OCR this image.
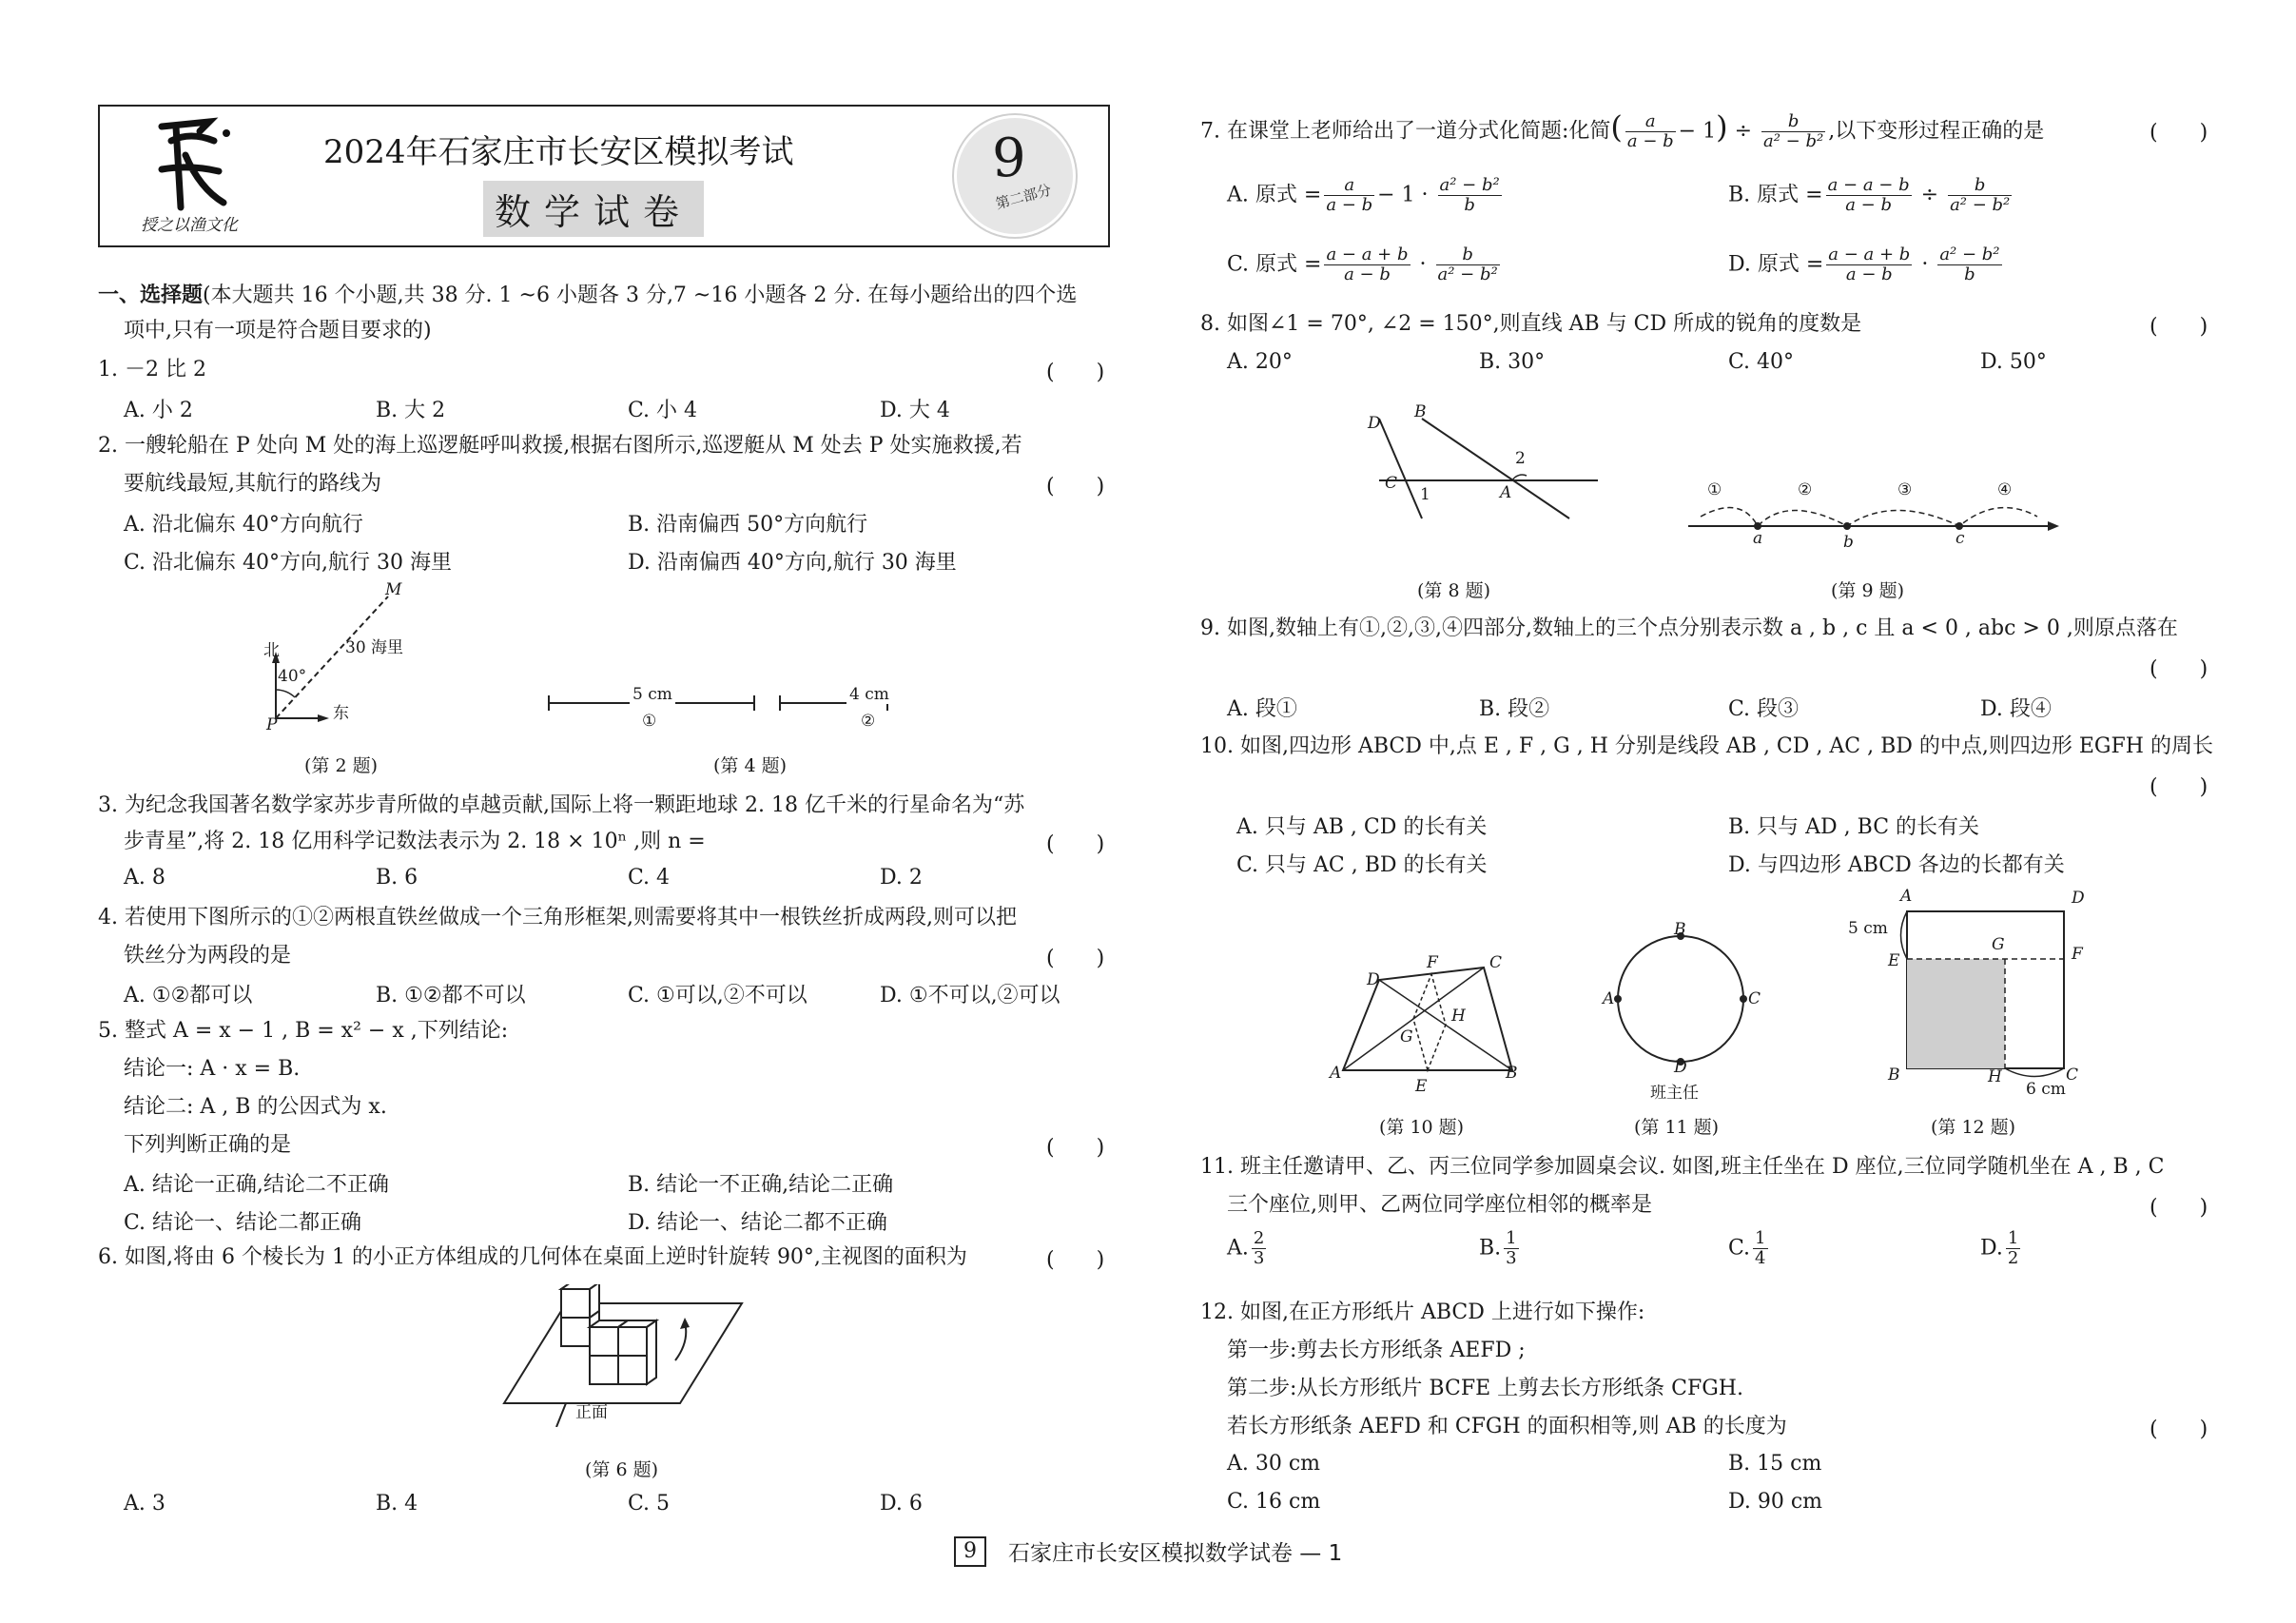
授之以渔文化
2024年石家庄市长安区模拟考试
数学试卷
9
第二部分
一、选择题(本大题共 16 个小题,共 38 分. 1 ~6 小题各 3 分,7 ~16 小题各 2 分. 在每小题给出的四个选
项中,只有一项是符合题目要求的)
1. －2 比 2	(　　)
A. 小 2	B. 大 2	C. 小 4	D. 大 4
2. 一艘轮船在 P 处向 M 处的海上巡逻艇呼叫救援,根据右图所示,巡逻艇从 M 处去 P 处实施救援,若
要航线最短,其航行的路线为	(　　)
A. 沿北偏东 40°方向航行	B. 沿南偏西 50°方向航行
C. 沿北偏东 40°方向,航行 30 海里	D. 沿南偏西 40°方向,航行 30 海里
北
东
30 海里
40°
P
M
(第 2 题)
5 cm	4 cm
①	②
(第 4 题)
3. 为纪念我国著名数学家苏步青所做的卓越贡献,国际上将一颗距地球 2. 18 亿千米的行星命名为“苏
步青星”,将 2. 18 亿用科学记数法表示为 2. 18 × 10ⁿ ,则 n =	(　　)
A. 8	B. 6	C. 4	D. 2
4. 若使用下图所示的①②两根直铁丝做成一个三角形框架,则需要将其中一根铁丝折成两段,则可以把
铁丝分为两段的是	(　　)
A. ①②都可以	B. ①②都不可以	C. ①可以,②不可以	D. ①不可以,②可以
5. 整式 A = x − 1 , B = x² − x ,下列结论:
结论一: A · x = B.
结论二: A , B 的公因式为 x.
下列判断正确的是	(　　)
A. 结论一正确,结论二不正确	B. 结论一不正确,结论二正确
C. 结论一、结论二都正确	D. 结论一、结论二都不正确
6. 如图,将由 6 个棱长为 1 的小正方体组成的几何体在桌面上逆时针旋转 90°,主视图的面积为	(　　)
正面
(第 6 题)
A. 3	B. 4	C. 5	D. 6
7. 在课堂上老师给出了一道分式化简题:化简( $\frac{a}{a - b} - 1) \div \frac{b}{\text{a² − b²}}$ ,以下变形过程正确的是	(　　)
A. 原式 = $\frac{a}{a - b} - 1 \cdot \frac{\text{a² − b²}}{b}$	B. 原式 = $\frac{a - a - b}{a - b} \div \frac{b}{\text{a² − b²}}$
C. 原式 = $\frac{a - a + b}{a - b} \cdot \frac{b}{\text{a² − b²}}$	D. 原式 = $\frac{a - a + b}{a - b} \cdot \frac{\text{a² − b²}}{b}$
8. 如图∠1 = 70°, ∠2 = 150°,则直线 AB 与 CD 所成的锐角的度数是	(　　)
A. 20°	B. 30°	C. 40°	D. 50°
D
B
C	A
1
2
(第 8 题)
①	②	③	④
a	b	c
(第 9 题)
9. 如图,数轴上有①,②,③,④四部分,数轴上的三个点分别表示数 a , b , c 且 a < 0 , abc > 0 ,则原点落在
(　　)
A. 段①	B. 段②	C. 段③	D. 段④
10. 如图,四边形 ABCD 中,点 E , F , G , H 分别是线段 AB , CD , AC , BD 的中点,则四边形 EGFH 的周长
(　　)
A. 只与 AB , CD 的长有关	B. 只与 AD , BC 的长有关
C. 只与 AC , BD 的长有关	D. 与四边形 ABCD 各边的长都有关
D
F	C
H
G
A
E
B
(第 10 题)
B
A	C
D
班主任
(第 11 题)
A	D
5 cm
E
G	F
B	H	C
6 cm
(第 12 题)
11. 班主任邀请甲、乙、丙三位同学参加圆桌会议. 如图,班主任坐在 D 座位,三位同学随机坐在 A , B , C
三个座位,则甲、乙两位同学座位相邻的概率是	(　　)
A. $\frac{2}{3}$	B. $\frac{1}{3}$	C. $\frac{1}{4}$	D. $\frac{1}{2}$
12. 如图,在正方形纸片 ABCD 上进行如下操作:
第一步:剪去长方形纸条 AEFD ;
第二步:从长方形纸片 BCFE 上剪去长方形纸条 CFGH.
若长方形纸条 AEFD 和 CFGH 的面积相等,则 AB 的长度为	(　　)
A. 30 cm	B. 15 cm
C. 16 cm	D. 90 cm
9	石家庄市长安区模拟数学试卷 — 1
